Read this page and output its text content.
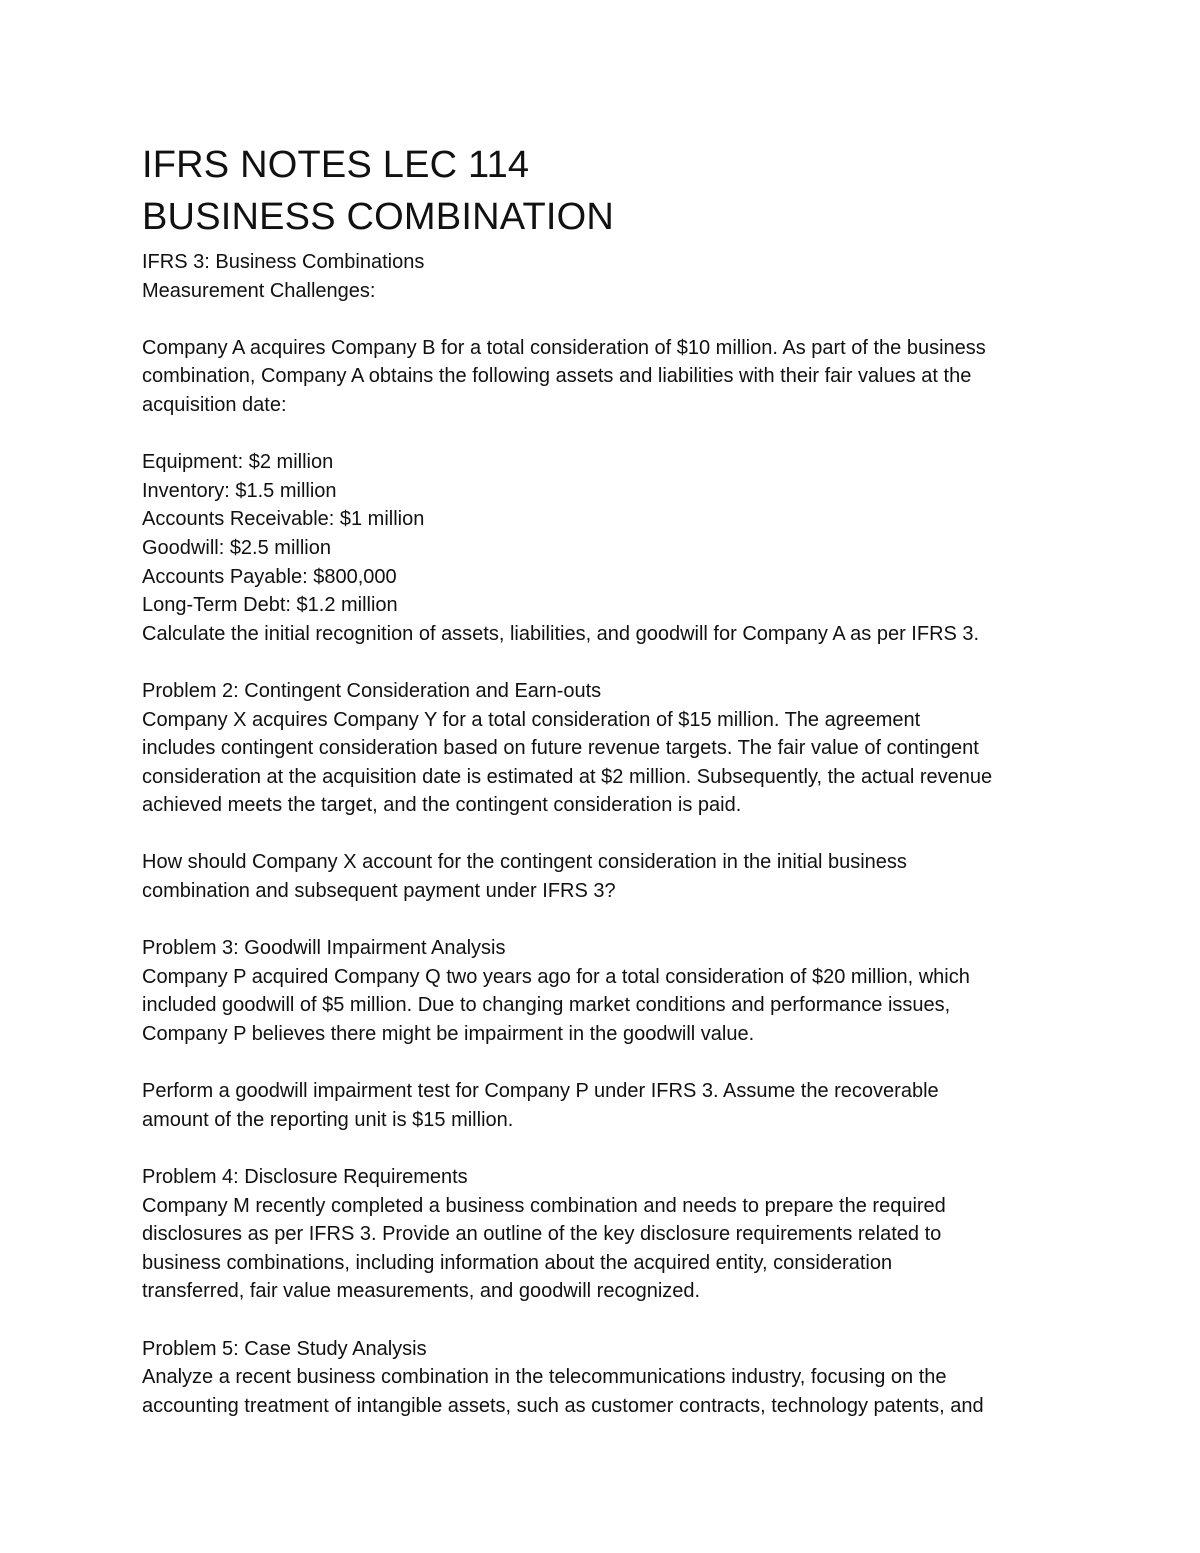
IFRS NOTES LEC 114
BUSINESS COMBINATION

IFRS 3: Business Combinations

Measurement Challenges:

Company A acquires Company B for a total consideration of $10 million. As part of the business

combination, Company A obtains the following assets and liabilities with their fair values at the

acquisition date:

Equipment: $2 million

Inventory: $1.5 million

Accounts Receivable: $1 million

Goodwill: $2.5 million

Accounts Payable: $800,000

Long-Term Debt: $1.2 million

Calculate the initial recognition of assets, liabilities, and goodwill for Company A as per IFRS 3.

Problem 2: Contingent Consideration and Earn-outs

Company X acquires Company Y for a total consideration of $15 million. The agreement

includes contingent consideration based on future revenue targets. The fair value of contingent

consideration at the acquisition date is estimated at $2 million. Subsequently, the actual revenue

achieved meets the target, and the contingent consideration is paid.

How should Company X account for the contingent consideration in the initial business

combination and subsequent payment under IFRS 3?

Problem 3: Goodwill Impairment Analysis

Company P acquired Company Q two years ago for a total consideration of $20 million, which

included goodwill of $5 million. Due to changing market conditions and performance issues,

Company P believes there might be impairment in the goodwill value.

Perform a goodwill impairment test for Company P under IFRS 3. Assume the recoverable

amount of the reporting unit is $15 million.

Problem 4: Disclosure Requirements

Company M recently completed a business combination and needs to prepare the required

disclosures as per IFRS 3. Provide an outline of the key disclosure requirements related to

business combinations, including information about the acquired entity, consideration

transferred, fair value measurements, and goodwill recognized.

Problem 5: Case Study Analysis

Analyze a recent business combination in the telecommunications industry, focusing on the

accounting treatment of intangible assets, such as customer contracts, technology patents, and
